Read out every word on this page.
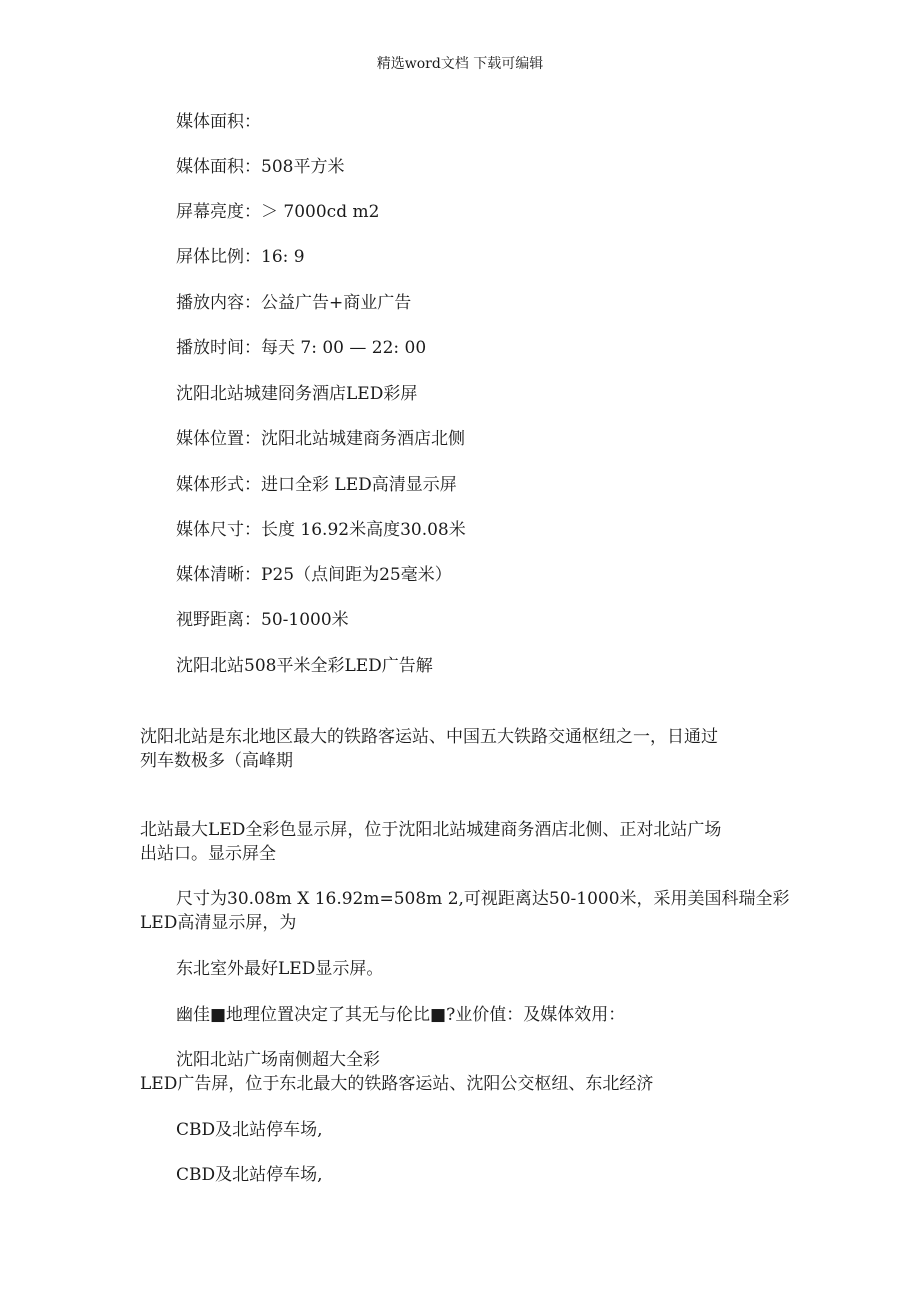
精选word文档 下载可编辑
媒体面积：
媒体面积：508平方米
屏幕亮度：＞ 7000cd m2
屏体比例：16: 9
播放内容：公益广告+商业广告
播放时间：每天 7: 00 — 22: 00
沈阳北站城建冏务酒店LED彩屏
媒体位置：沈阳北站城建商务酒店北侧
媒体形式：进口全彩 LED高清显示屏
媒体尺寸：长度 16.92米高度30.08米
媒体清晰：P25（点间距为25毫米）
视野距离：50-1000米
沈阳北站508平米全彩LED广告解
沈阳北站是东北地区最大的铁路客运站、中国五大铁路交通枢纽之一，日通过
列车数极多（高峰期
北站最大LED全彩色显示屏，位于沈阳北站城建商务酒店北侧、正对北站广场
出站口。显示屏全
尺寸为30.08m X 16.92m=508m 2,可视距离达50-1000米，采用美国科瑞全彩
LED高清显示屏，为
东北室外最好LED显示屏。
幽佳■地理位置决定了其无与伦比■?业价值：及媒体效用：
沈阳北站广场南侧超大全彩
LED广告屏，位于东北最大的铁路客运站、沈阳公交枢纽、东北经济
CBD及北站停车场,
CBD及北站停车场,
